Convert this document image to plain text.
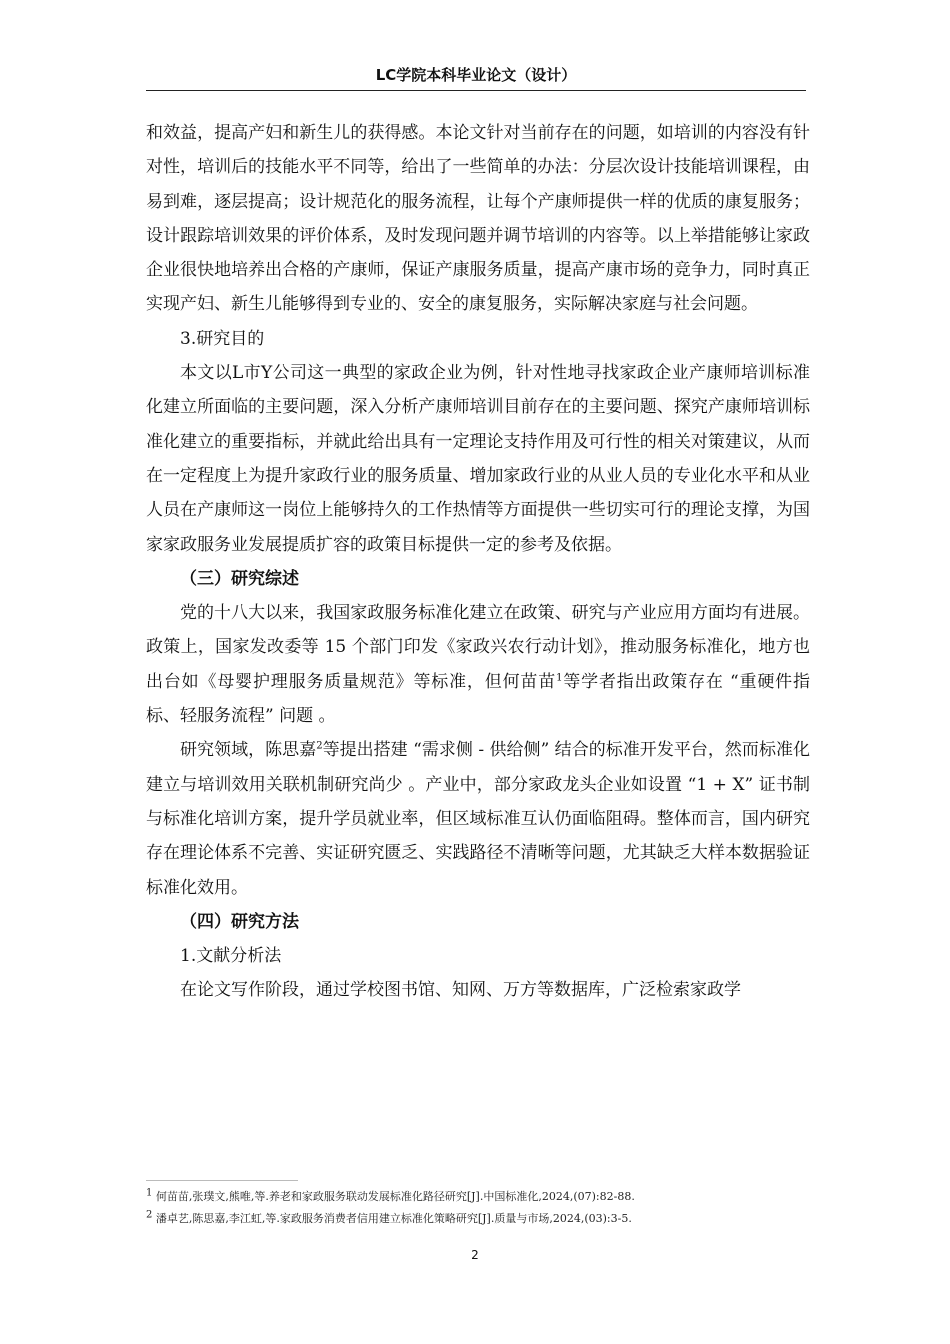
LC学院本科毕业论文（设计）

和效益，提高产妇和新生儿的获得感。本论文针对当前存在的问题，如培训的内容没有针对性，培训后的技能水平不同等，给出了一些简单的办法：分层次设计技能培训课程，由易到难，逐层提高；设计规范化的服务流程，让每个产康师提供一样的优质的康复服务；设计跟踪培训效果的评价体系，及时发现问题并调节培训的内容等。以上举措能够让家政企业很快地培养出合格的产康师，保证产康服务质量，提高产康市场的竞争力，同时真正实现产妇、新生儿能够得到专业的、安全的康复服务，实际解决家庭与社会问题。

3.研究目的

本文以L市Y公司这一典型的家政企业为例，针对性地寻找家政企业产康师培训标准化建立所面临的主要问题，深入分析产康师培训目前存在的主要问题、探究产康师培训标准化建立的重要指标，并就此给出具有一定理论支持作用及可行性的相关对策建议，从而在一定程度上为提升家政行业的服务质量、增加家政行业的从业人员的专业化水平和从业人员在产康师这一岗位上能够持久的工作热情等方面提供一些切实可行的理论支撑，为国家家政服务业发展提质扩容的政策目标提供一定的参考及依据。

（三）研究综述

党的十八大以来，我国家政服务标准化建立在政策、研究与产业应用方面均有进展。政策上，国家发改委等 15 个部门印发《家政兴农行动计划》，推动服务标准化，地方也出台如《母婴护理服务质量规范》等标准，但何苗苗$^1$等学者指出政策存在 “重硬件指标、轻服务流程” 问题 。

研究领域，陈思嘉$^2$等提出搭建 “需求侧 - 供给侧” 结合的标准开发平台，然而标准化建立与培训效用关联机制研究尚少 。产业中，部分家政龙头企业如设置 “1 + X” 证书制与标准化培训方案，提升学员就业率，但区域标准互认仍面临阻碍。整体而言，国内研究存在理论体系不完善、实证研究匮乏、实践路径不清晰等问题，尤其缺乏大样本数据验证标准化效用。

（四）研究方法

1.文献分析法

在论文写作阶段，通过学校图书馆、知网、万方等数据库，广泛检索家政学

$^1$ 何苗苗,张璞文,熊唯,等.养老和家政服务联动发展标准化路径研究[J].中国标准化,2024,(07):82-88.
$^2$ 潘卓艺,陈思嘉,李江虹,等.家政服务消费者信用建立标准化策略研究[J].质量与市场,2024,(03):3-5.
2
